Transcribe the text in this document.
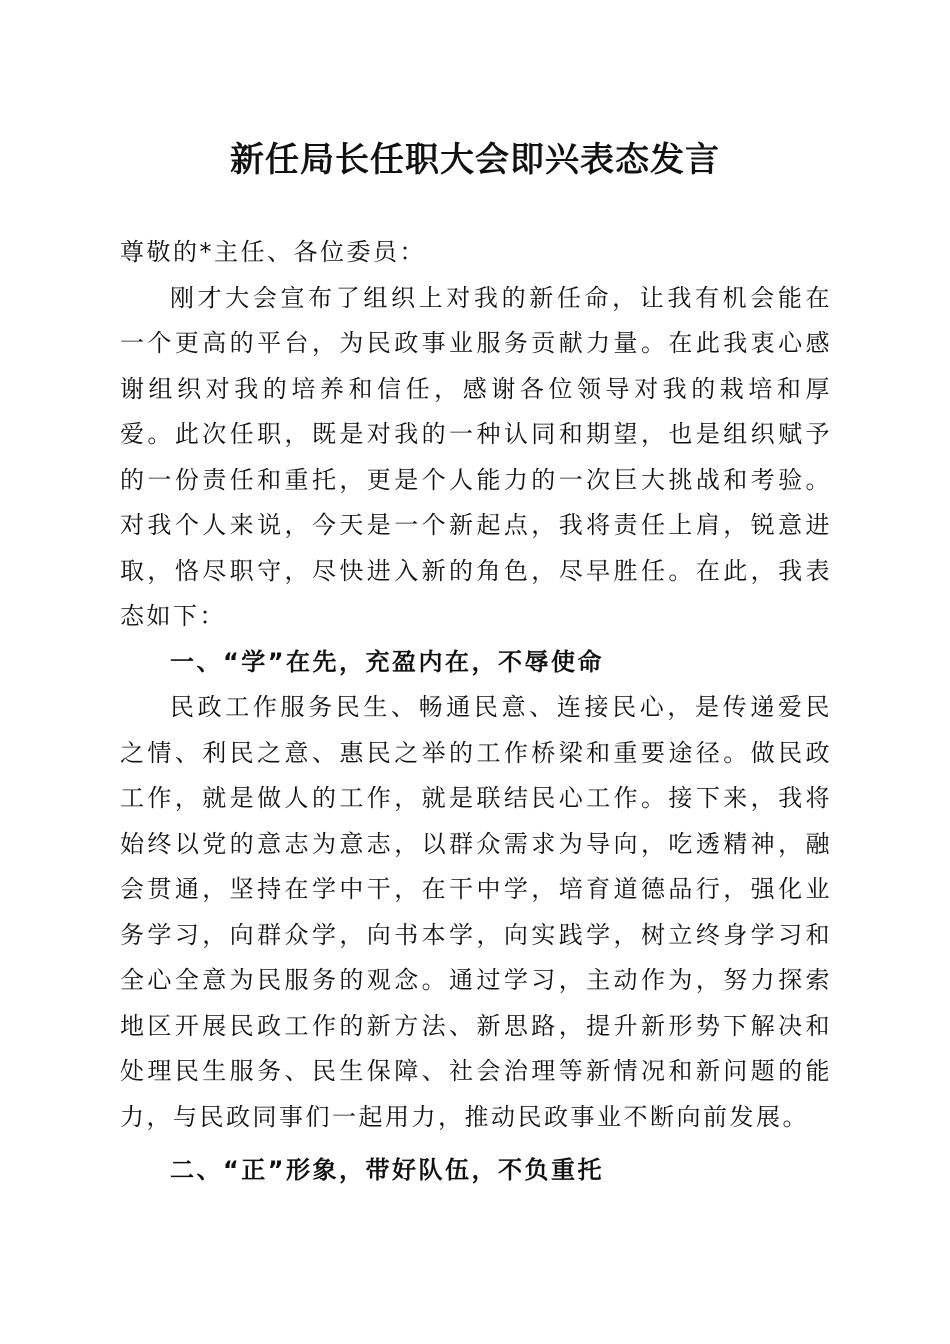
新任局长任职大会即兴表态发言

尊敬的*主任、各位委员：

刚才大会宣布了组织上对我的新任命，让我有机会能在一个更高的平台，为民政事业服务贡献力量。在此我衷心感谢组织对我的培养和信任，感谢各位领导对我的栽培和厚爱。此次任职，既是对我的一种认同和期望，也是组织赋予的一份责任和重托，更是个人能力的一次巨大挑战和考验。对我个人来说，今天是一个新起点，我将责任上肩，锐意进取，恪尽职守，尽快进入新的角色，尽早胜任。在此，我表态如下：

一、“学”在先，充盈内在，不辱使命

民政工作服务民生、畅通民意、连接民心，是传递爱民之情、利民之意、惠民之举的工作桥梁和重要途径。做民政工作，就是做人的工作，就是联结民心工作。接下来，我将始终以党的意志为意志，以群众需求为导向，吃透精神，融会贯通，坚持在学中干，在干中学，培育道德品行，强化业务学习，向群众学，向书本学，向实践学，树立终身学习和全心全意为民服务的观念。通过学习，主动作为，努力探索地区开展民政工作的新方法、新思路，提升新形势下解决和处理民生服务、民生保障、社会治理等新情况和新问题的能力，与民政同事们一起用力，推动民政事业不断向前发展。

二、“正”形象，带好队伍，不负重托
